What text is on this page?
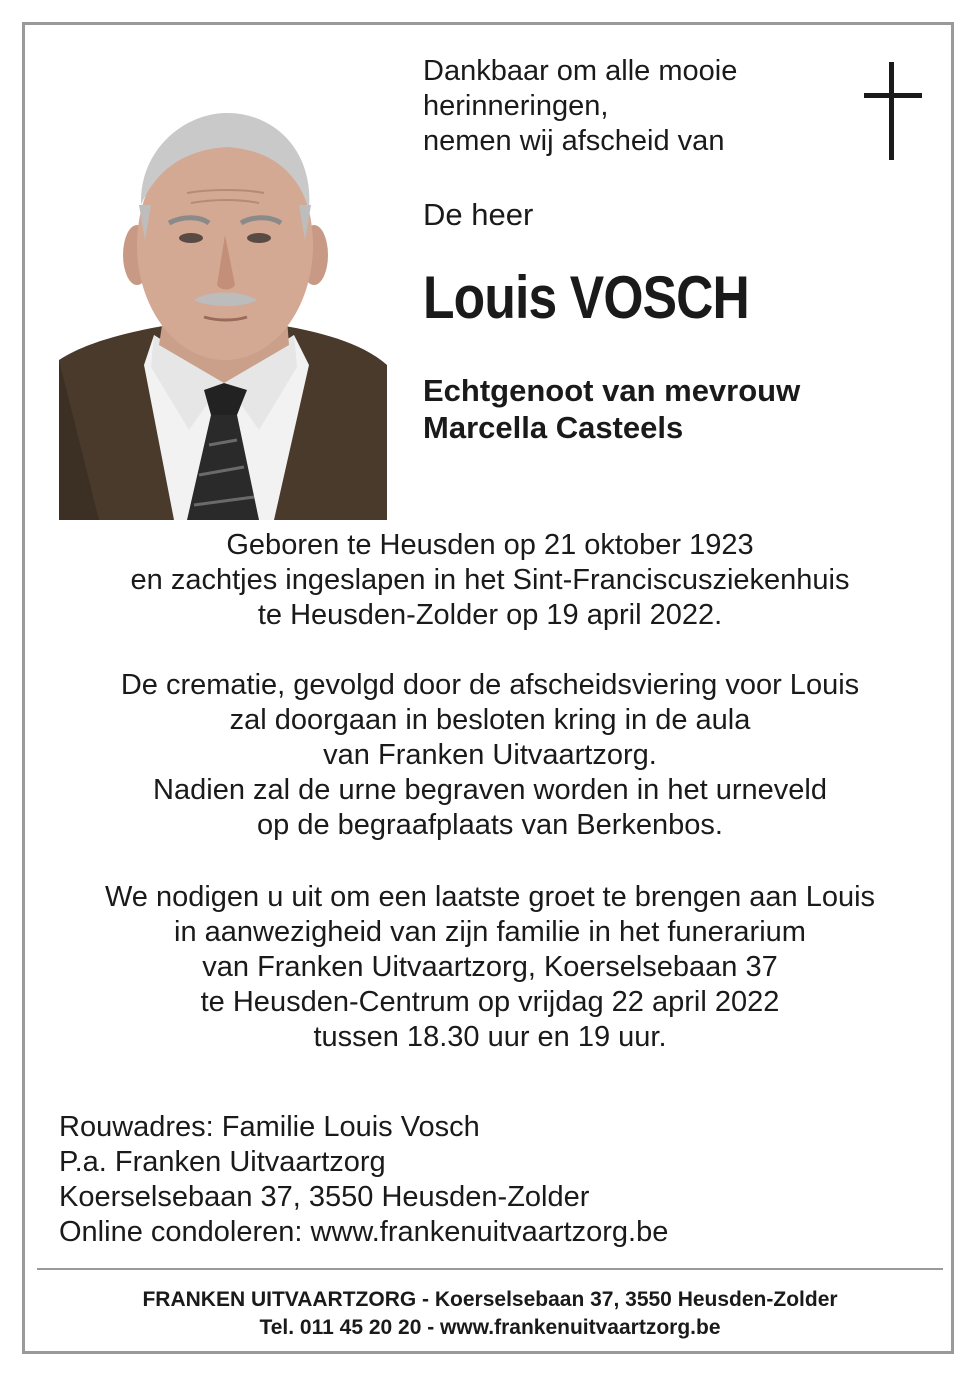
Dankbaar om alle mooie
herinneringen,
nemen wij afscheid van
De heer
Louis VOSCH
Echtgenoot van mevrouw
Marcella Casteels
Geboren te Heusden op 21 oktober 1923
en zachtjes ingeslapen in het Sint-Franciscusziekenhuis
te Heusden-Zolder op 19 april 2022.
De crematie, gevolgd door de afscheidsviering voor Louis
zal doorgaan in besloten kring in de aula
van Franken Uitvaartzorg.
Nadien zal de urne begraven worden in het urneveld
op de begraafplaats van Berkenbos.
We nodigen u uit om een laatste groet te brengen aan Louis
in aanwezigheid van zijn familie in het funerarium
van Franken Uitvaartzorg, Koerselsebaan 37
te Heusden-Centrum op vrijdag 22 april 2022
tussen 18.30 uur en 19 uur.
Rouwadres: Familie Louis Vosch
P.a. Franken Uitvaartzorg
Koerselsebaan 37, 3550 Heusden-Zolder
Online condoleren: www.frankenuitvaartzorg.be
FRANKEN UITVAARTZORG - Koerselsebaan 37, 3550 Heusden-Zolder
Tel. 011 45 20 20 - www.frankenuitvaartzorg.be
